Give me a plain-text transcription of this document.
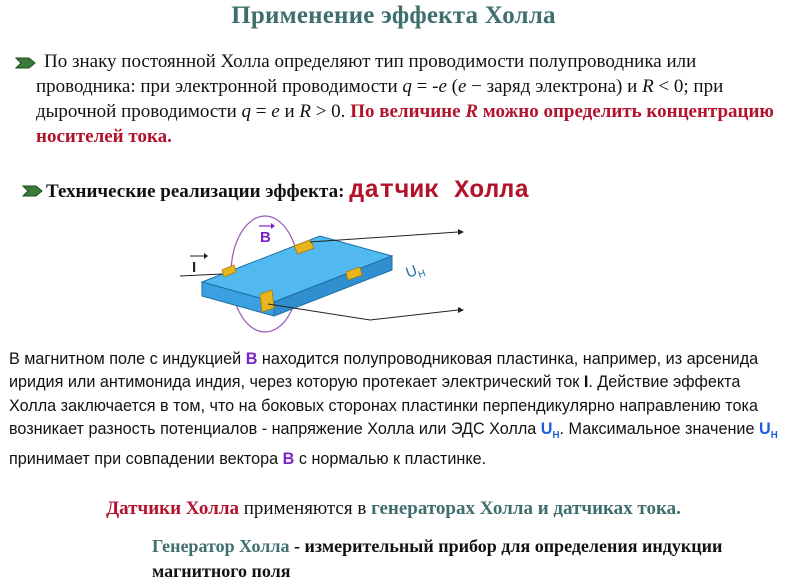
Применение эффекта Холла
По знаку постоянной Холла определяют тип проводимости полупроводника или проводника: при электронной проводимости q = -e (e − заряд электрона) и R < 0; при дырочной проводимости q = e и R > 0. По величине R можно определить концентрацию носителей тока.
Технические реализации эффекта: датчик Холла
B
I	$U_H$
В магнитном поле с индукцией B находится полупроводниковая пластинка, например, из арсенида иридия или антимонида индия, через которую протекает электрический ток I. Действие эффекта Холла заключается в том, что на боковых сторонах пластинки перпендикулярно направлению тока возникает разность потенциалов - напряжение Холла или ЭДС Холла $U_H$. Максимальное значение $U_H$ принимает при совпадении вектора B с нормалью к пластинке.
Датчики Холла применяются в генераторах Холла и датчиках тока.
Генератор Холла - измерительный прибор для определения индукции магнитного поля
